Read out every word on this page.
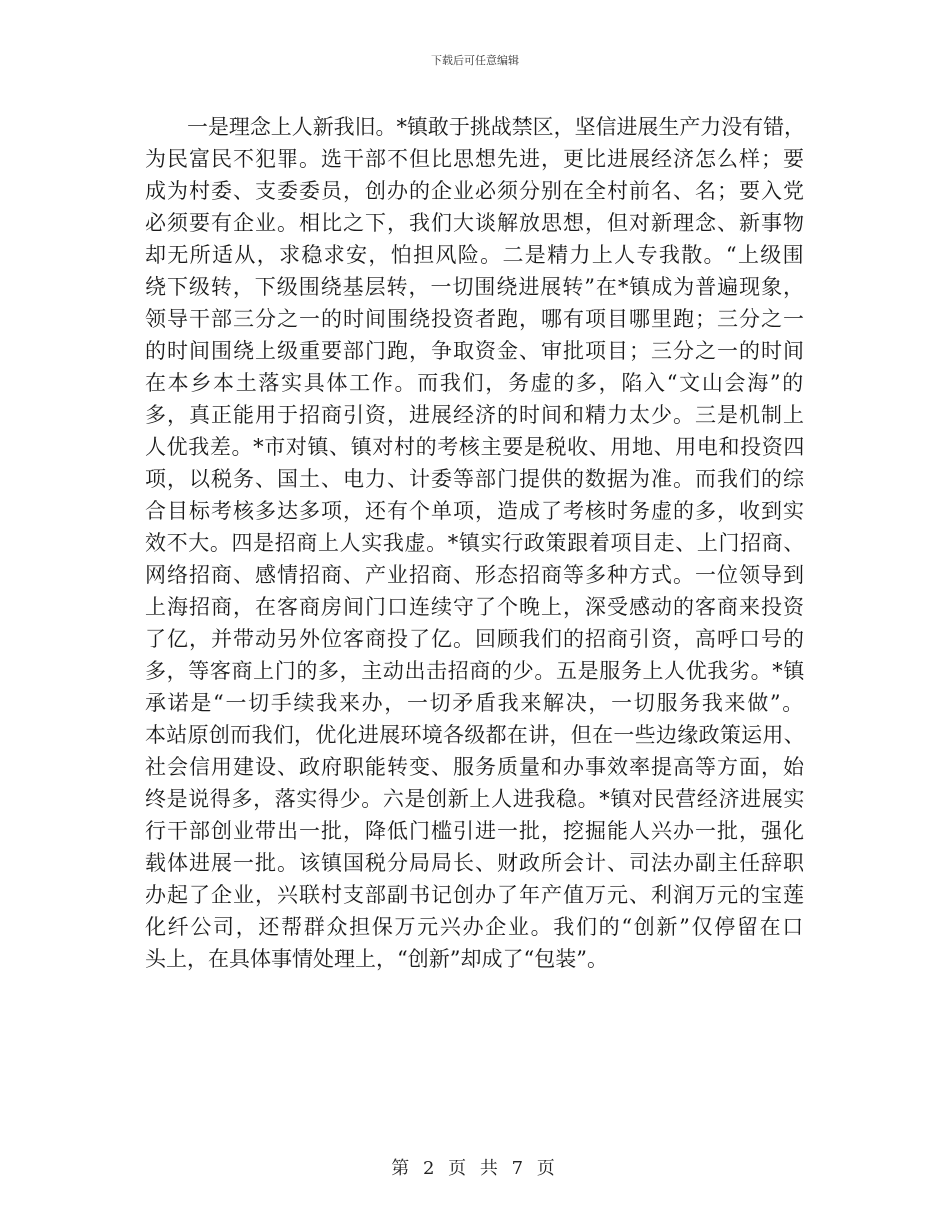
下载后可任意编辑
一是理念上人新我旧。*镇敢于挑战禁区，坚信进展生产力没有错，
为民富民不犯罪。选干部不但比思想先进，更比进展经济怎么样；要
成为村委、支委委员，创办的企业必须分别在全村前名、名；要入党
必须要有企业。相比之下，我们大谈解放思想，但对新理念、新事物
却无所适从，求稳求安，怕担风险。二是精力上人专我散。“上级围
绕下级转，下级围绕基层转，一切围绕进展转”在*镇成为普遍现象，
领导干部三分之一的时间围绕投资者跑，哪有项目哪里跑；三分之一
的时间围绕上级重要部门跑，争取资金、审批项目；三分之一的时间
在本乡本土落实具体工作。而我们，务虚的多，陷入“文山会海”的
多，真正能用于招商引资，进展经济的时间和精力太少。三是机制上
人优我差。*市对镇、镇对村的考核主要是税收、用地、用电和投资四
项，以税务、国土、电力、计委等部门提供的数据为准。而我们的综
合目标考核多达多项，还有个单项，造成了考核时务虚的多，收到实
效不大。四是招商上人实我虚。*镇实行政策跟着项目走、上门招商、
网络招商、感情招商、产业招商、形态招商等多种方式。一位领导到
上海招商，在客商房间门口连续守了个晚上，深受感动的客商来投资
了亿，并带动另外位客商投了亿。回顾我们的招商引资，高呼口号的
多，等客商上门的多，主动出击招商的少。五是服务上人优我劣。*镇
承诺是“一切手续我来办，一切矛盾我来解决，一切服务我来做”。
本站原创而我们，优化进展环境各级都在讲，但在一些边缘政策运用、
社会信用建设、政府职能转变、服务质量和办事效率提高等方面，始
终是说得多，落实得少。六是创新上人进我稳。*镇对民营经济进展实
行干部创业带出一批，降低门槛引进一批，挖掘能人兴办一批，强化
载体进展一批。该镇国税分局局长、财政所会计、司法办副主任辞职
办起了企业，兴联村支部副书记创办了年产值万元、利润万元的宝莲
化纤公司，还帮群众担保万元兴办企业。我们的“创新”仅停留在口
头上，在具体事情处理上，“创新”却成了“包装”。
第 2 页 共 7 页
